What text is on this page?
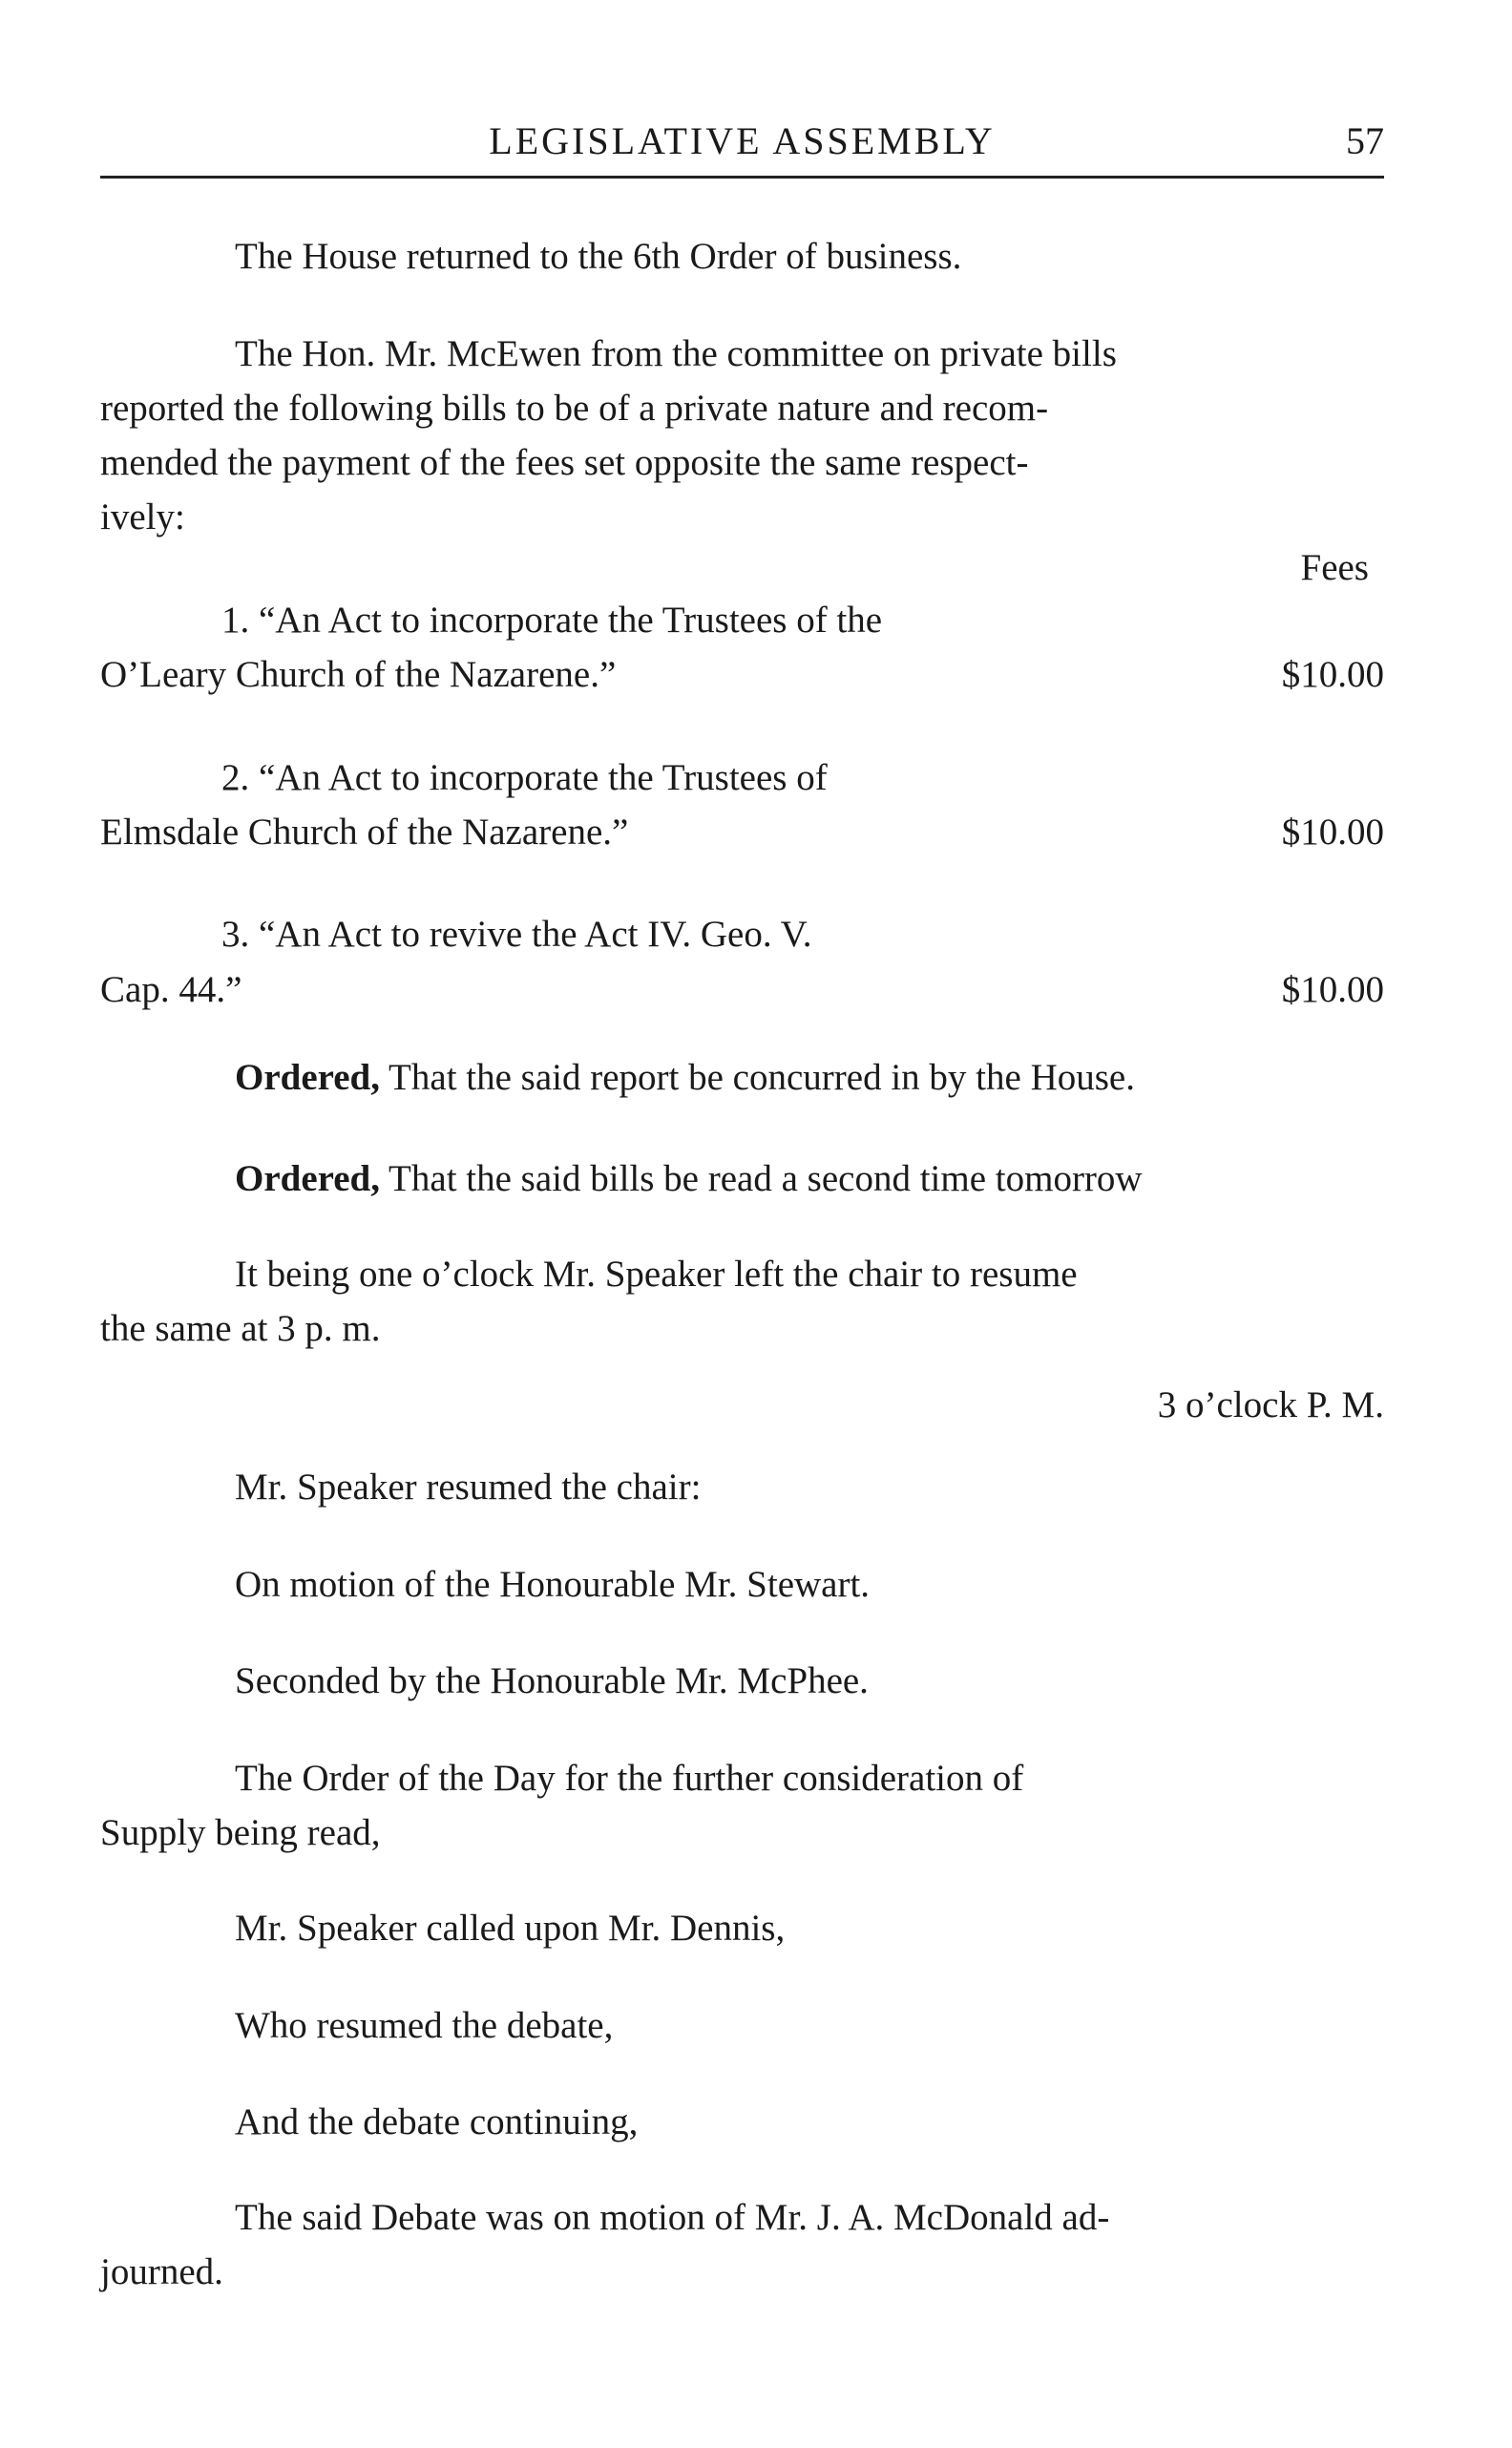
LEGISLATIVE ASSEMBLY	57

The House returned to the 6th Order of business.

The Hon. Mr. McEwen from the committee on private bills

reported the following bills to be of a private nature and recom-

mended the payment of the fees set opposite the same respect-

ively:

Fees

1. “An Act to incorporate the Trustees of the

O’Leary Church of the Nazarene.”	$10.00

2. “An Act to incorporate the Trustees of

Elmsdale Church of the Nazarene.”	$10.00

3. “An Act to revive the Act IV. Geo. V.

Cap. 44.”	$10.00

Ordered, That the said report be concurred in by the House.

Ordered, That the said bills be read a second time tomorrow

It being one o’clock Mr. Speaker left the chair to resume

the same at 3 p. m.

3 o’clock P. M.

Mr. Speaker resumed the chair:

On motion of the Honourable Mr. Stewart.

Seconded by the Honourable Mr. McPhee.

The Order of the Day for the further consideration of

Supply being read,

Mr. Speaker called upon Mr. Dennis,

Who resumed the debate,

And the debate continuing,

The said Debate was on motion of Mr. J. A. McDonald ad-

journed.
